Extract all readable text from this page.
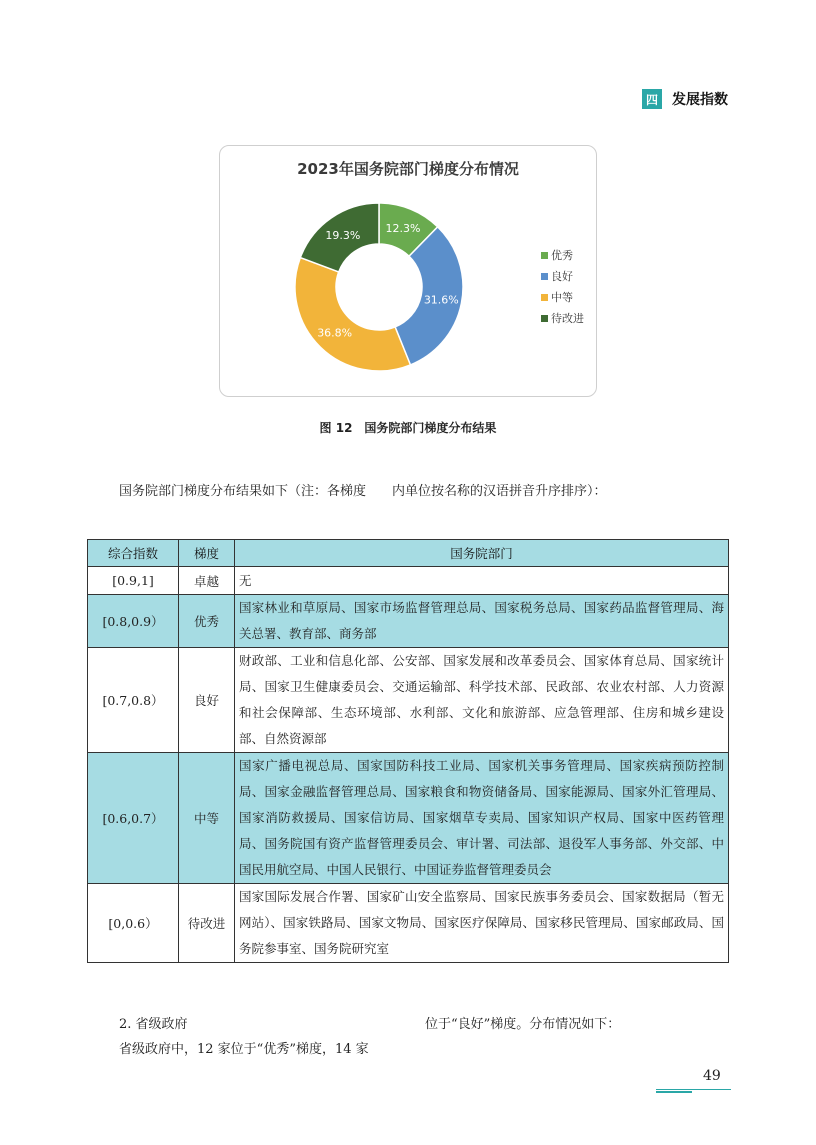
四 发展指数
2023年国务院部门梯度分布情况
12.3%
31.6%
36.8%
19.3%
优秀
良好
中等
待改进
图 12　国务院部门梯度分布结果
国务院部门梯度分布结果如下（注：各梯度　　内单位按名称的汉语拼音升序排序）：
综合指数	梯度	国务院部门
[0.9,1]	卓越	无
[0.8,0.9）	优秀	国家林业和草原局、国家市场监督管理总局、国家税务总局、国家药品监督管理局、海关总署、教育部、商务部
[0.7,0.8）	良好	财政部、工业和信息化部、公安部、国家发展和改革委员会、国家体育总局、国家统计局、国家卫生健康委员会、交通运输部、科学技术部、民政部、农业农村部、人力资源和社会保障部、生态环境部、水利部、文化和旅游部、应急管理部、住房和城乡建设部、自然资源部
[0.6,0.7）	中等	国家广播电视总局、国家国防科技工业局、国家机关事务管理局、国家疾病预防控制局、国家金融监督管理总局、国家粮食和物资储备局、国家能源局、国家外汇管理局、国家消防救援局、国家信访局、国家烟草专卖局、国家知识产权局、国家中医药管理局、国务院国有资产监督管理委员会、审计署、司法部、退役军人事务部、外交部、中国民用航空局、中国人民银行、中国证券监督管理委员会
[0,0.6）	待改进	国家国际发展合作署、国家矿山安全监察局、国家民族事务委员会、国家数据局（暂无网站）、国家铁路局、国家文物局、国家医疗保障局、国家移民管理局、国家邮政局、国务院参事室、国务院研究室
2. 省级政府
省级政府中，12 家位于“优秀”梯度，14 家
位于“良好”梯度。分布情况如下：
49
